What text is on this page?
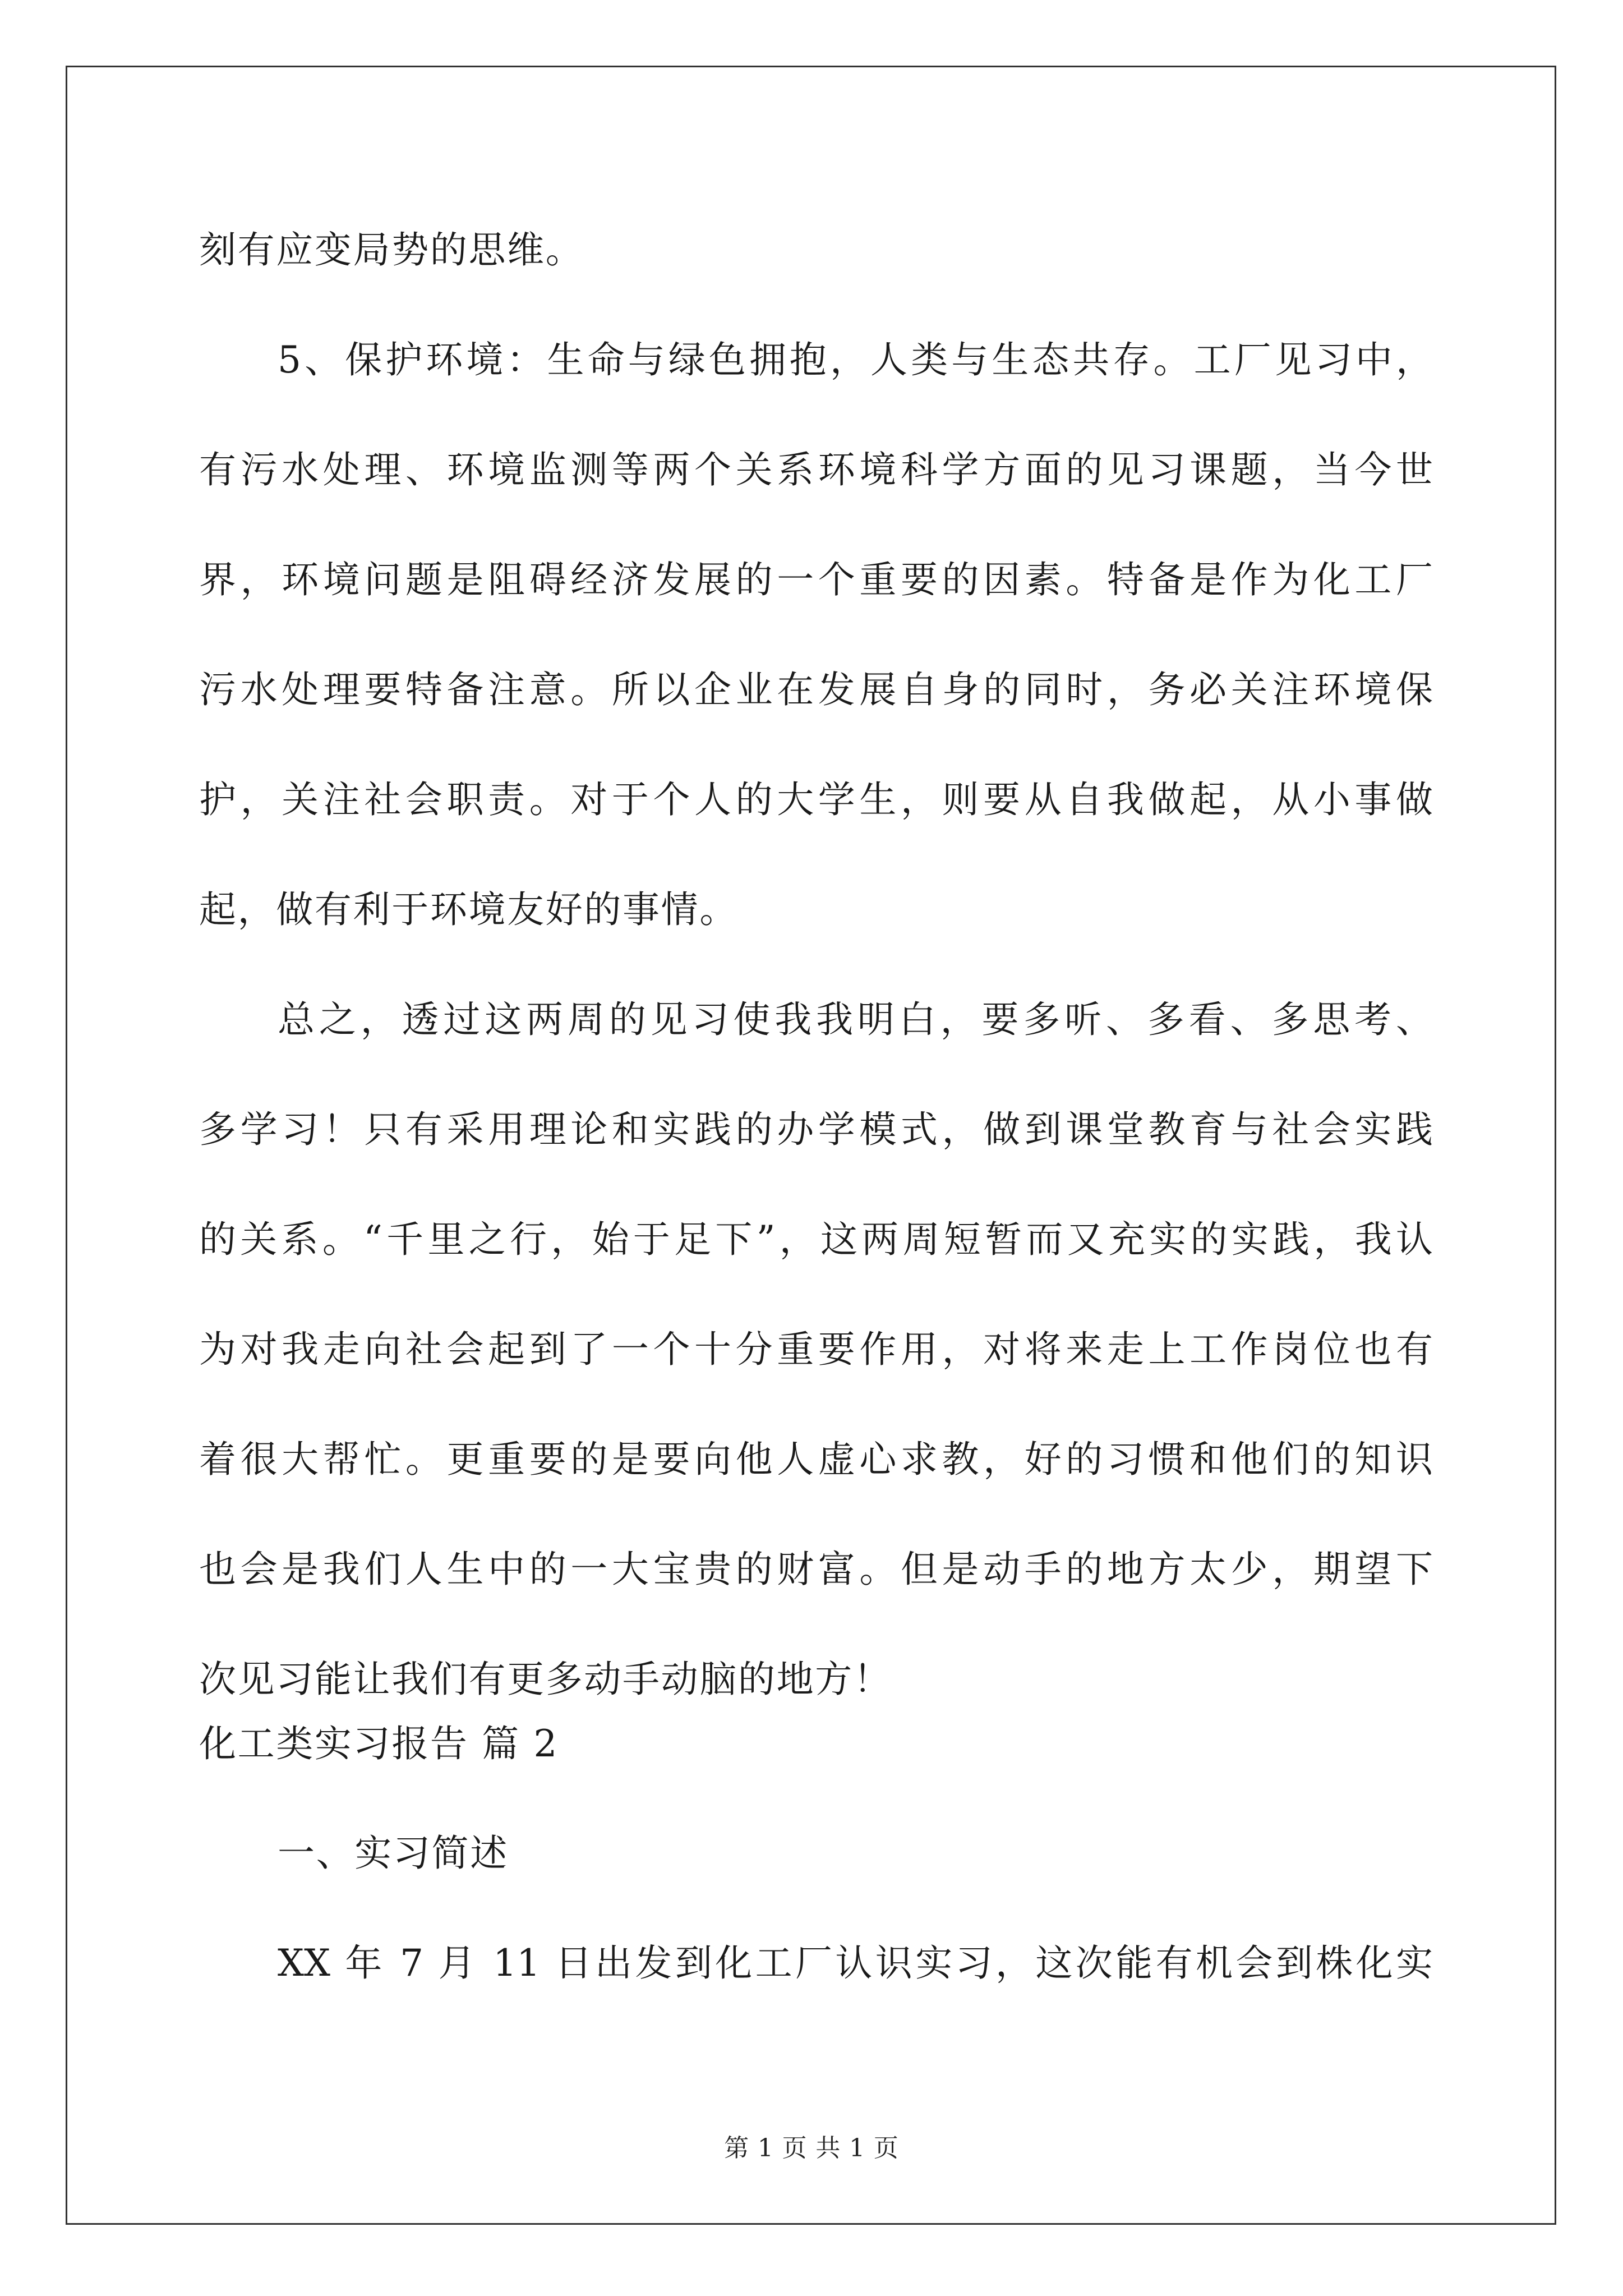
刻有应变局势的思维。
5、保护环境：生命与绿色拥抱，人类与生态共存。工厂见习中，
有污水处理、环境监测等两个关系环境科学方面的见习课题，当今世
界，环境问题是阻碍经济发展的一个重要的因素。特备是作为化工厂
污水处理要特备注意。所以企业在发展自身的同时，务必关注环境保
护，关注社会职责。对于个人的大学生，则要从自我做起，从小事做
起，做有利于环境友好的事情。
总之，透过这两周的见习使我我明白，要多听、多看、多思考、
多学习！只有采用理论和实践的办学模式，做到课堂教育与社会实践
的关系。“千里之行，始于足下”，这两周短暂而又充实的实践，我认
为对我走向社会起到了一个十分重要作用，对将来走上工作岗位也有
着很大帮忙。更重要的是要向他人虚心求教，好的习惯和他们的知识
也会是我们人生中的一大宝贵的财富。但是动手的地方太少，期望下
次见习能让我们有更多动手动脑的地方！
化工类实习报告 篇 2
一、实习简述
XX 年 7 月 11 日出发到化工厂认识实习，这次能有机会到株化实
第 1 页 共 1 页
